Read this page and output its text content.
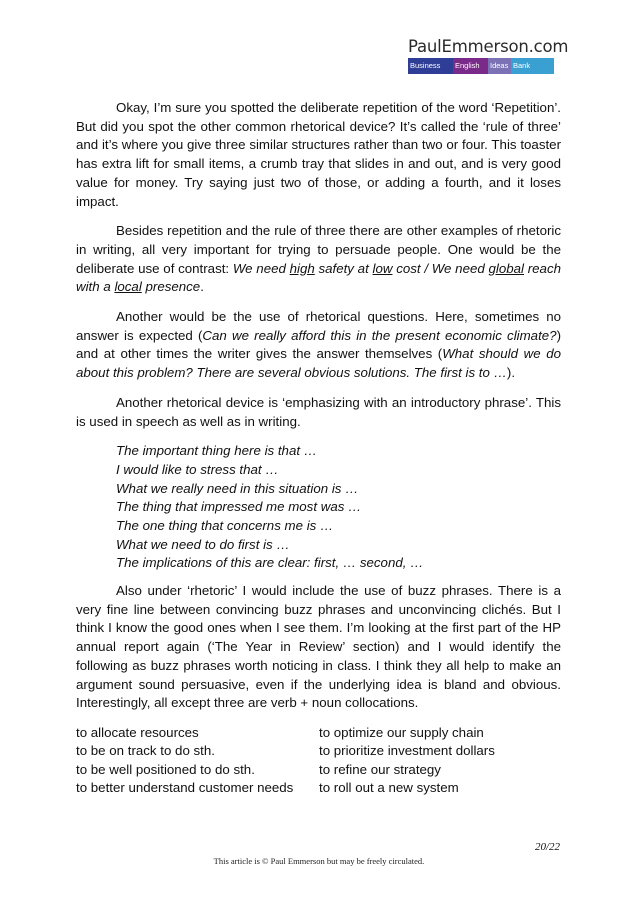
PaulEmmerson.com
Business	English	Ideas Bank

Okay, I’m sure you spotted the deliberate repetition of the word ‘Repetition’. But did you spot the other common rhetorical device? It’s called the ‘rule of three’ and it’s where you give three similar structures rather than two or four. This toaster has extra lift for small items, a crumb tray that slides in and out, and is very good value for money. Try saying just two of those, or adding a fourth, and it loses impact.

Besides repetition and the rule of three there are other examples of rhetoric in writing, all very important for trying to persuade people. One would be the deliberate use of contrast: We need high safety at low cost / We need global reach with a local presence.

Another would be the use of rhetorical questions. Here, sometimes no answer is expected (Can we really afford this in the present economic climate?) and at other times the writer gives the answer themselves (What should we do about this problem? There are several obvious solutions. The first is to …).

Another rhetorical device is ‘emphasizing with an introductory phrase’. This is used in speech as well as in writing.

The important thing here is that …
I would like to stress that …
What we really need in this situation is …
The thing that impressed me most was …
The one thing that concerns me is …
What we need to do first is …
The implications of this are clear: first, … second, …

Also under ‘rhetoric’ I would include the use of buzz phrases. There is a very fine line between convincing buzz phrases and unconvincing clichés. But I think I know the good ones when I see them. I’m looking at the first part of the HP annual report again (‘The Year in Review’ section) and I would identify the following as buzz phrases worth noticing in class. I think they all help to make an argument sound persuasive, even if the underlying idea is bland and obvious. Interestingly, all except three are verb + noun collocations.

to allocate resources	to optimize our supply chain
to be on track to do sth.	to prioritize investment dollars
to be well positioned to do sth.	to refine our strategy
to better understand customer needs	to roll out a new system
20/22
This article is © Paul Emmerson but may be freely circulated.
